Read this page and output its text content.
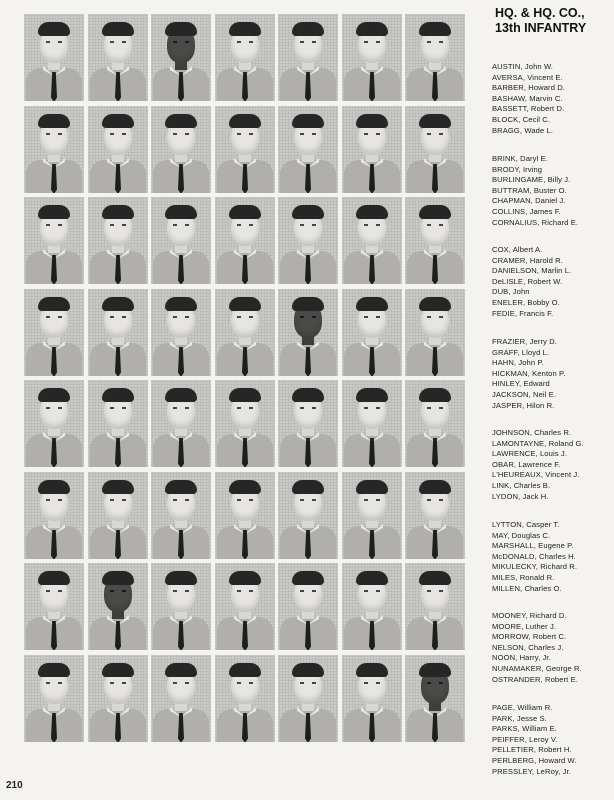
HQ. & HQ. CO.,
13th INFANTRY
AUSTIN, John W.
AVERSA, Vincent E.
BARBER, Howard D.
BASHAW, Marvin C.
BASSETT, Robert D.
BLOCK, Cecil C.
BRAGG, Wade L.
BRINK, Daryl E.
BRODY, Irving
BURLINGAME, Billy J.
BUTTRAM, Buster O.
CHAPMAN, Daniel J.
COLLINS, James F.
CORNALIUS, Richard E.
COX, Albert A.
CRAMER, Harold R.
DANIELSON, Marlin L.
DeLISLE, Robert W.
DUB, John
ENELER, Bobby O.
FEDIE, Francis F.
FRAZIER, Jerry D.
GRAFF, Lloyd L.
HAHN, John P.
HICKMAN, Kenton P.
HINLEY, Edward
JACKSON, Neil E.
JASPER, Hilon R.
JOHNSON, Charles R.
LAMONTAYNE, Roland G.
LAWRENCE, Louis J.
OBAR, Lawrence F.
L'HEUREAUX, Vincent J.
LINK, Charles B.
LYDON, Jack H.
LYTTON, Casper T.
MAY, Douglas C.
MARSHALL, Eugene P.
McDONALD, Charles H.
MIKULECKY, Richard R.
MILES, Ronald R.
MILLEN, Charles O.
MOONEY, Richard D.
MOORE, Luther J.
MORROW, Robert C.
NELSON, Charles J.
NOON, Harry, Jr.
NUNAMAKER, George R.
OSTRANDER, Robert E.
PAGE, William R.
PARK, Jesse S.
PARKS, William E.
PEIFFER, Leroy V.
PELLETIER, Robert H.
PERLBERG, Howard W.
PRESSLEY, LeRoy, Jr.
210
